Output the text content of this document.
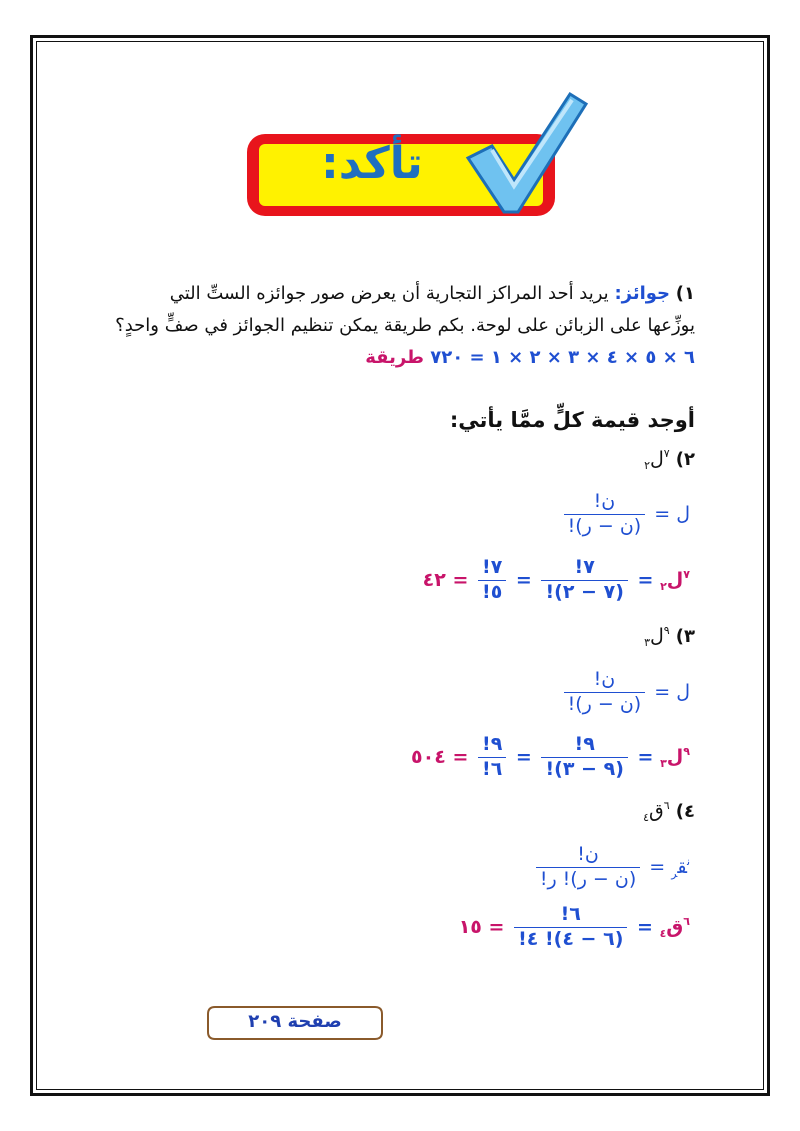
تأكد:
١) جوائز: يريد أحد المراكز التجارية أن يعرض صور جوائزه الستِّ التي
يوزِّعها على الزبائن على لوحة. بكم طريقة يمكن تنظيم الجوائز في صفٍّ واحدٍ؟
٦ × ٥ × ٤ × ٣ × ٢ × ١ = ٧٢٠ طريقة
أوجد قيمة كلٍّ ممَّا يأتي:
٢) $^٧$ل$_٢$
ل =
$\frac{\text{ن!}}{\text{(ن − ر)!}}$
$^٧$ل$_٢$ =
$\frac{٧!}{(٧ - ٢)!}$
=
$\frac{٧!}{٥!}$
= ٤٢
٣) $^٩$ل$_٣$
ل =
$\frac{\text{ن!}}{\text{(ن − ر)!}}$
$^٩$ل$_٣$ =
$\frac{٩!}{(٩ - ٣)!}$
=
$\frac{٩!}{٦!}$
= ٥٠٤
٤) $^٦$ق$_٤$
$^ن$ق$_ر$ =
$\frac{\text{ن!}}{\text{(ن − ر)! ر!}}$
$^٦$ق$_٤$ =
$\frac{٦!}{(٦ - ٤)! ٤!}$
= ١٥
صفحة ٢٠٩
